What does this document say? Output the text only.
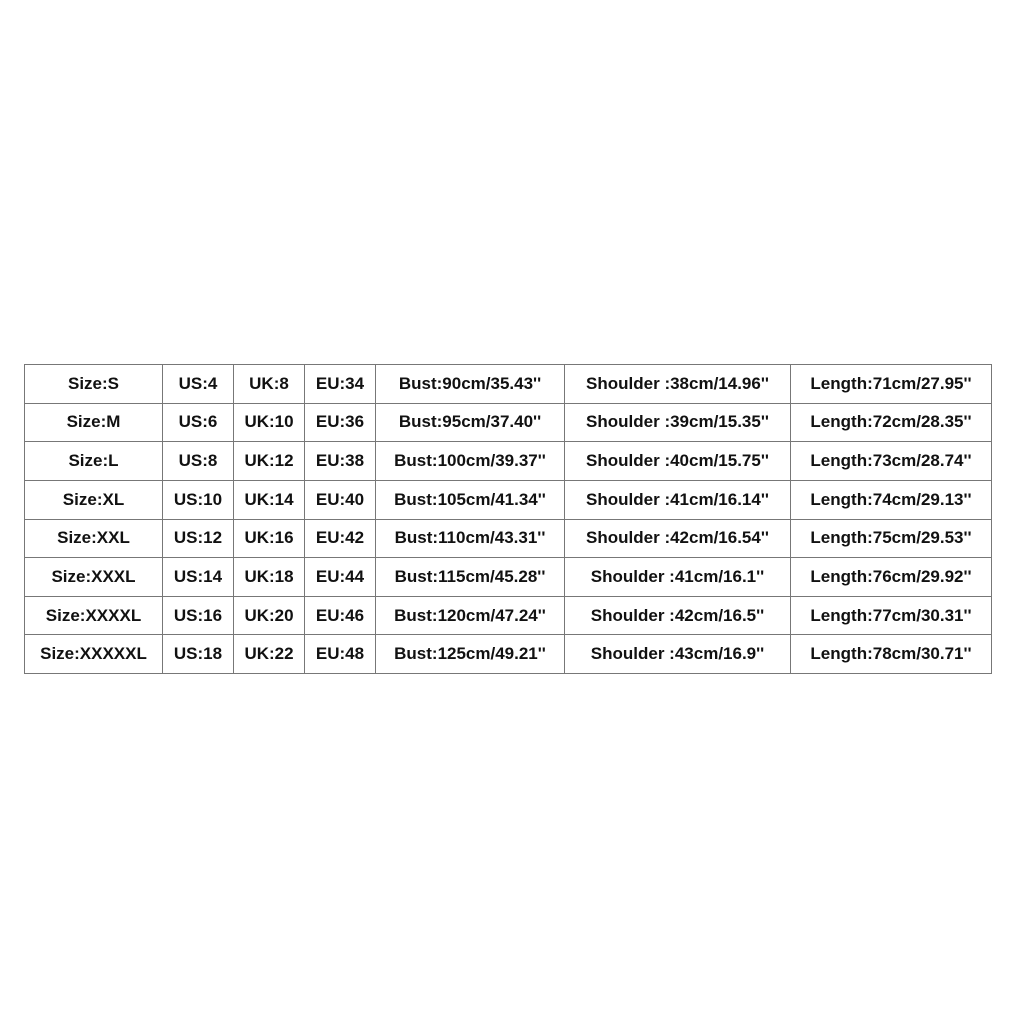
Size:S	US:4	UK:8	EU:34	Bust:90cm/35.43''	Shoulder :38cm/14.96''	Length:71cm/27.95''
Size:M	US:6	UK:10	EU:36	Bust:95cm/37.40''	Shoulder :39cm/15.35''	Length:72cm/28.35''
Size:L	US:8	UK:12	EU:38	Bust:100cm/39.37''	Shoulder :40cm/15.75''	Length:73cm/28.74''
Size:XL	US:10	UK:14	EU:40	Bust:105cm/41.34''	Shoulder :41cm/16.14''	Length:74cm/29.13''
Size:XXL	US:12	UK:16	EU:42	Bust:110cm/43.31''	Shoulder :42cm/16.54''	Length:75cm/29.53''
Size:XXXL	US:14	UK:18	EU:44	Bust:115cm/45.28''	Shoulder :41cm/16.1''	Length:76cm/29.92''
Size:XXXXL	US:16	UK:20	EU:46	Bust:120cm/47.24''	Shoulder :42cm/16.5''	Length:77cm/30.31''
Size:XXXXXL	US:18	UK:22	EU:48	Bust:125cm/49.21''	Shoulder :43cm/16.9''	Length:78cm/30.71''
